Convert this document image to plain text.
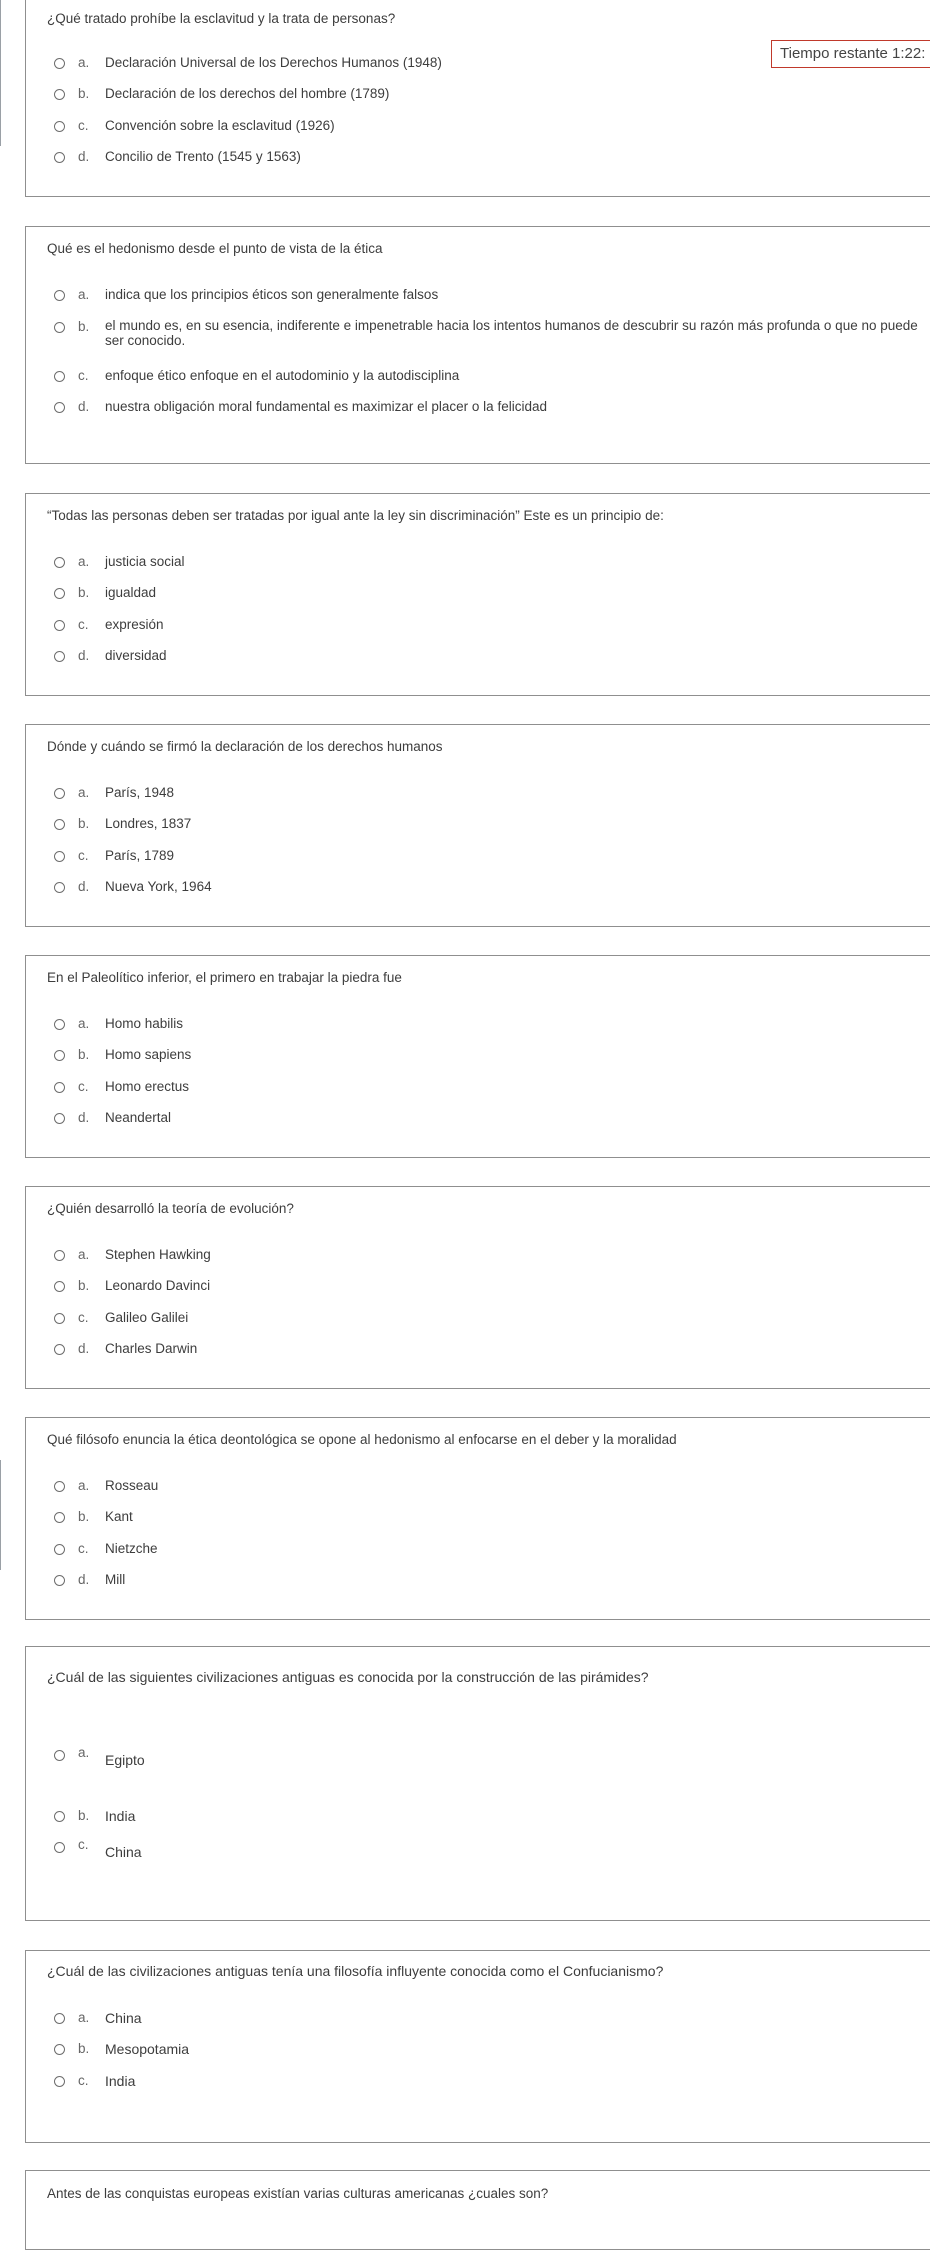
¿Qué tratado prohíbe la esclavitud y la trata de personas?
a. Declaración Universal de los Derechos Humanos (1948)
b. Declaración de los derechos del hombre (1789)
c. Convención sobre la esclavitud (1926)
d. Concilio de Trento (1545 y 1563)
Tiempo restante 1:22:
Qué es el hedonismo desde el punto de vista de la ética
a. indica que los principios éticos son generalmente falsos
b. el mundo es, en su esencia, indiferente e impenetrable hacia los intentos humanos de descubrir su razón más profunda o que no puede ser conocido.
c. enfoque ético enfoque en el autodominio y la autodisciplina
d. nuestra obligación moral fundamental es maximizar el placer o la felicidad
“Todas las personas deben ser tratadas por igual ante la ley sin discriminación” Este es un principio de:
a. justicia social
b. igualdad
c. expresión
d. diversidad
Dónde y cuándo se firmó la declaración de los derechos humanos
a. París, 1948
b. Londres, 1837
c. París, 1789
d. Nueva York, 1964
En el Paleolítico inferior, el primero en trabajar la piedra fue
a. Homo habilis
b. Homo sapiens
c. Homo erectus
d. Neandertal
¿Quién desarrolló la teoría de evolución?
a. Stephen Hawking
b. Leonardo Davinci
c. Galileo Galilei
d. Charles Darwin
Qué filósofo enuncia la ética deontológica se opone al hedonismo al enfocarse en el deber y la moralidad
a. Rosseau
b. Kant
c. Nietzche
d. Mill
¿Cuál de las siguientes civilizaciones antiguas es conocida por la construcción de las pirámides?
a. Egipto
b. India
c. China
¿Cuál de las civilizaciones antiguas tenía una filosofía influyente conocida como el Confucianismo?
a. China
b. Mesopotamia
c. India
Antes de las conquistas europeas existían varias culturas americanas ¿cuales son?
